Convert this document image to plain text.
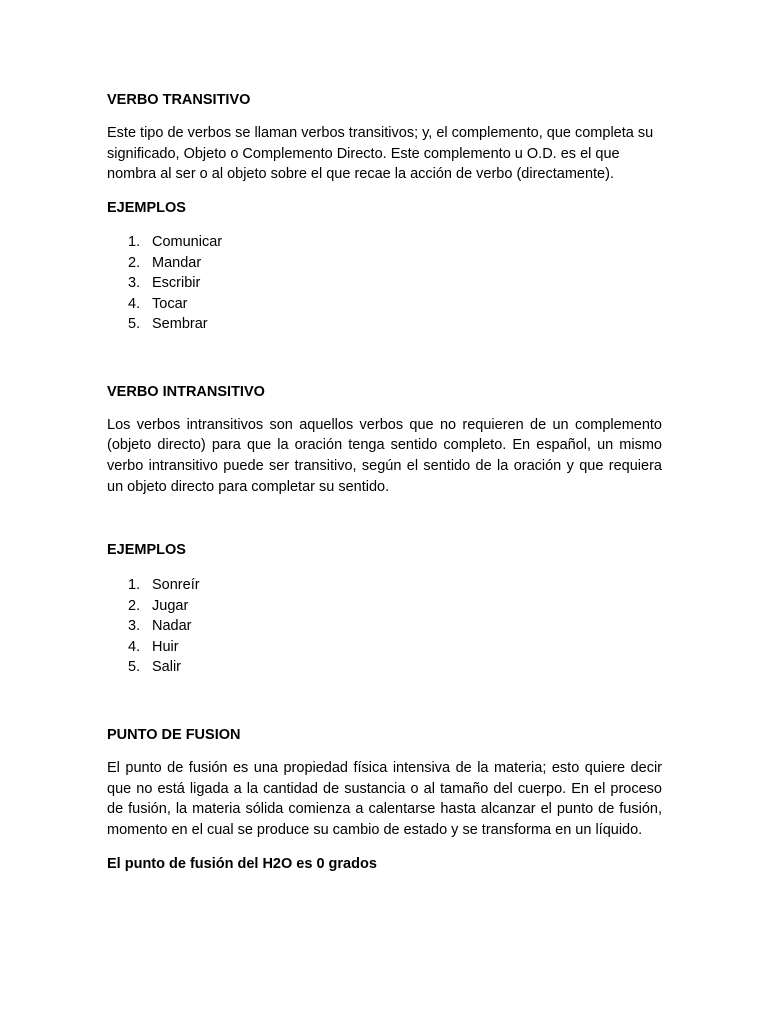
VERBO TRANSITIVO

Este tipo de verbos se llaman verbos transitivos; y, el complemento, que completa su significado, Objeto o Complemento Directo. Este complemento u O.D. es el que nombra al ser o al objeto sobre el que recae la acción de verbo (directamente).

EJEMPLOS
1. Comunicar
2. Mandar
3. Escribir
4. Tocar
5. Sembrar
VERBO INTRANSITIVO

Los verbos intransitivos son aquellos verbos que no requieren de un complemento (objeto directo) para que la oración tenga sentido completo. En español, un mismo verbo intransitivo puede ser transitivo, según el sentido de la oración y que requiera un objeto directo para completar su sentido.

EJEMPLOS
1. Sonreír
2. Jugar
3. Nadar
4. Huir
5. Salir
PUNTO DE FUSION

El punto de fusión es una propiedad física intensiva de la materia; esto quiere decir que no está ligada a la cantidad de sustancia o al tamaño del cuerpo. En el proceso de fusión, la materia sólida comienza a calentarse hasta alcanzar el punto de fusión, momento en el cual se produce su cambio de estado y se transforma en un líquido.

El punto de fusión del H2O es 0 grados
